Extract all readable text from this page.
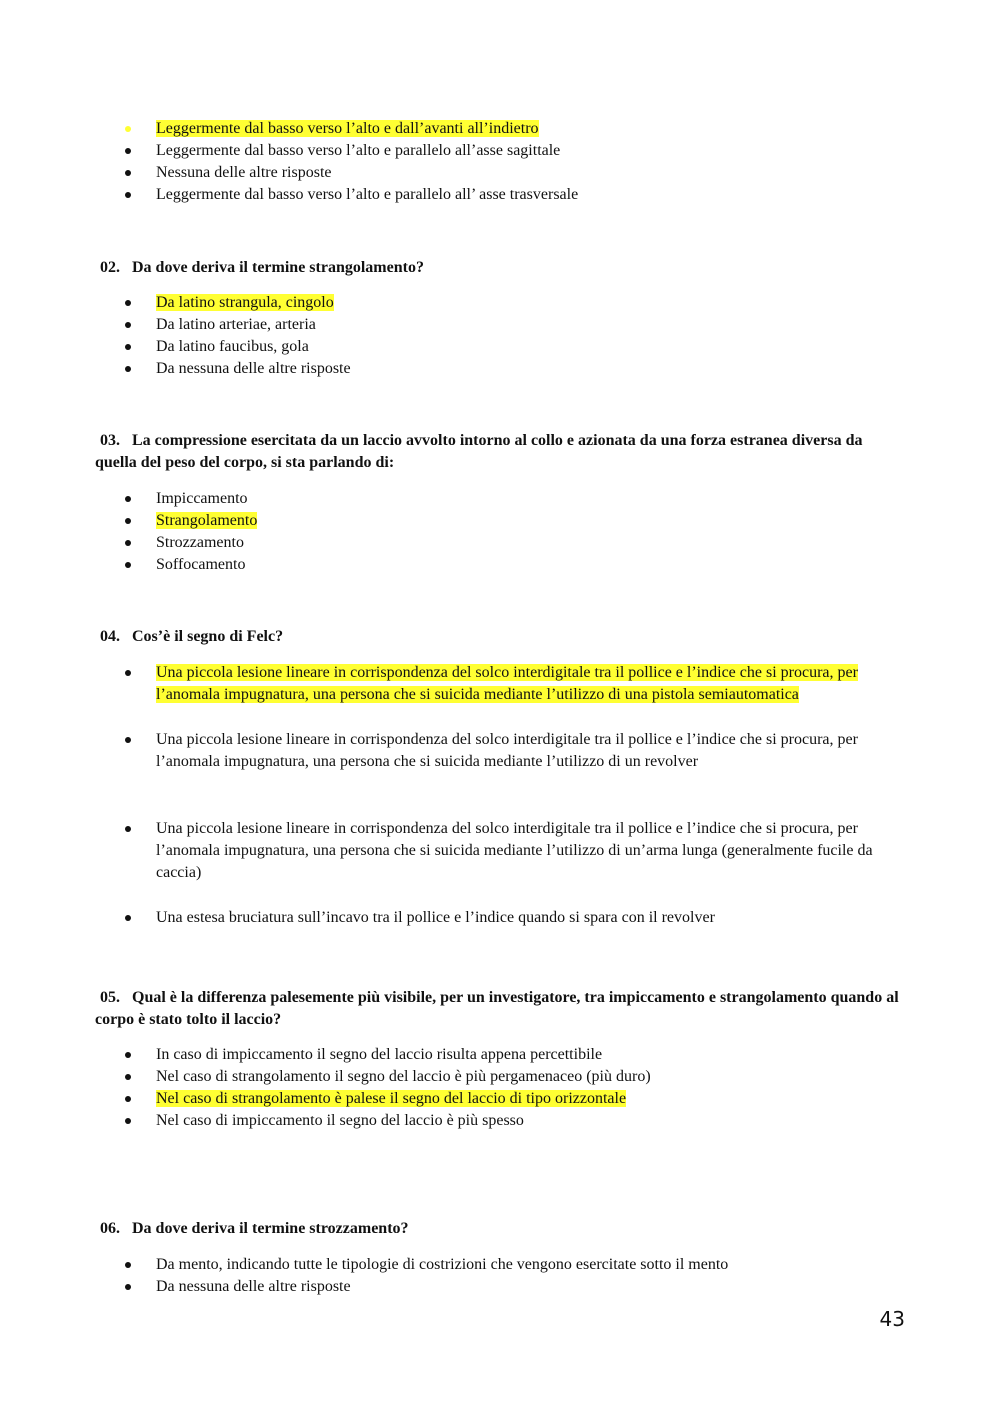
Leggermente dal basso verso l’alto e dall’avanti all’indietro
Leggermente dal basso verso l’alto e parallelo all’asse sagittale
Nessuna delle altre risposte
Leggermente dal basso verso l’alto e parallelo all’ asse trasversale

02. Da dove deriva il termine strangolamento?

Da latino strangula, cingolo
Da latino arteriae, arteria
Da latino faucibus, gola
Da nessuna delle altre risposte

03. La compressione esercitata da un laccio avvolto intorno al collo e azionata da una forza estranea diversa da quella del peso del corpo, si sta parlando di:

Impiccamento
Strangolamento
Strozzamento
Soffocamento

04. Cos’è il segno di Felc?

Una piccola lesione lineare in corrispondenza del solco interdigitale tra il pollice e l’indice che si procura, per l’anomala impugnatura, una persona che si suicida mediante l’utilizzo di una pistola semiautomatica
Una piccola lesione lineare in corrispondenza del solco interdigitale tra il pollice e l’indice che si procura, per l’anomala impugnatura, una persona che si suicida mediante l’utilizzo di un revolver
Una piccola lesione lineare in corrispondenza del solco interdigitale tra il pollice e l’indice che si procura, per l’anomala impugnatura, una persona che si suicida mediante l’utilizzo di un’arma lunga (generalmente fucile da caccia)
Una estesa bruciatura sull’incavo tra il pollice e l’indice quando si spara con il revolver

05. Qual è la differenza palesemente più visibile, per un investigatore, tra impiccamento e strangolamento quando al corpo è stato tolto il laccio?

In caso di impiccamento il segno del laccio risulta appena percettibile
Nel caso di strangolamento il segno del laccio è più pergamenaceo (più duro)
Nel caso di strangolamento è palese il segno del laccio di tipo orizzontale
Nel caso di impiccamento il segno del laccio è più spesso

06. Da dove deriva il termine strozzamento?

Da mento, indicando tutte le tipologie di costrizioni che vengono esercitate sotto il mento
Da nessuna delle altre risposte
43
